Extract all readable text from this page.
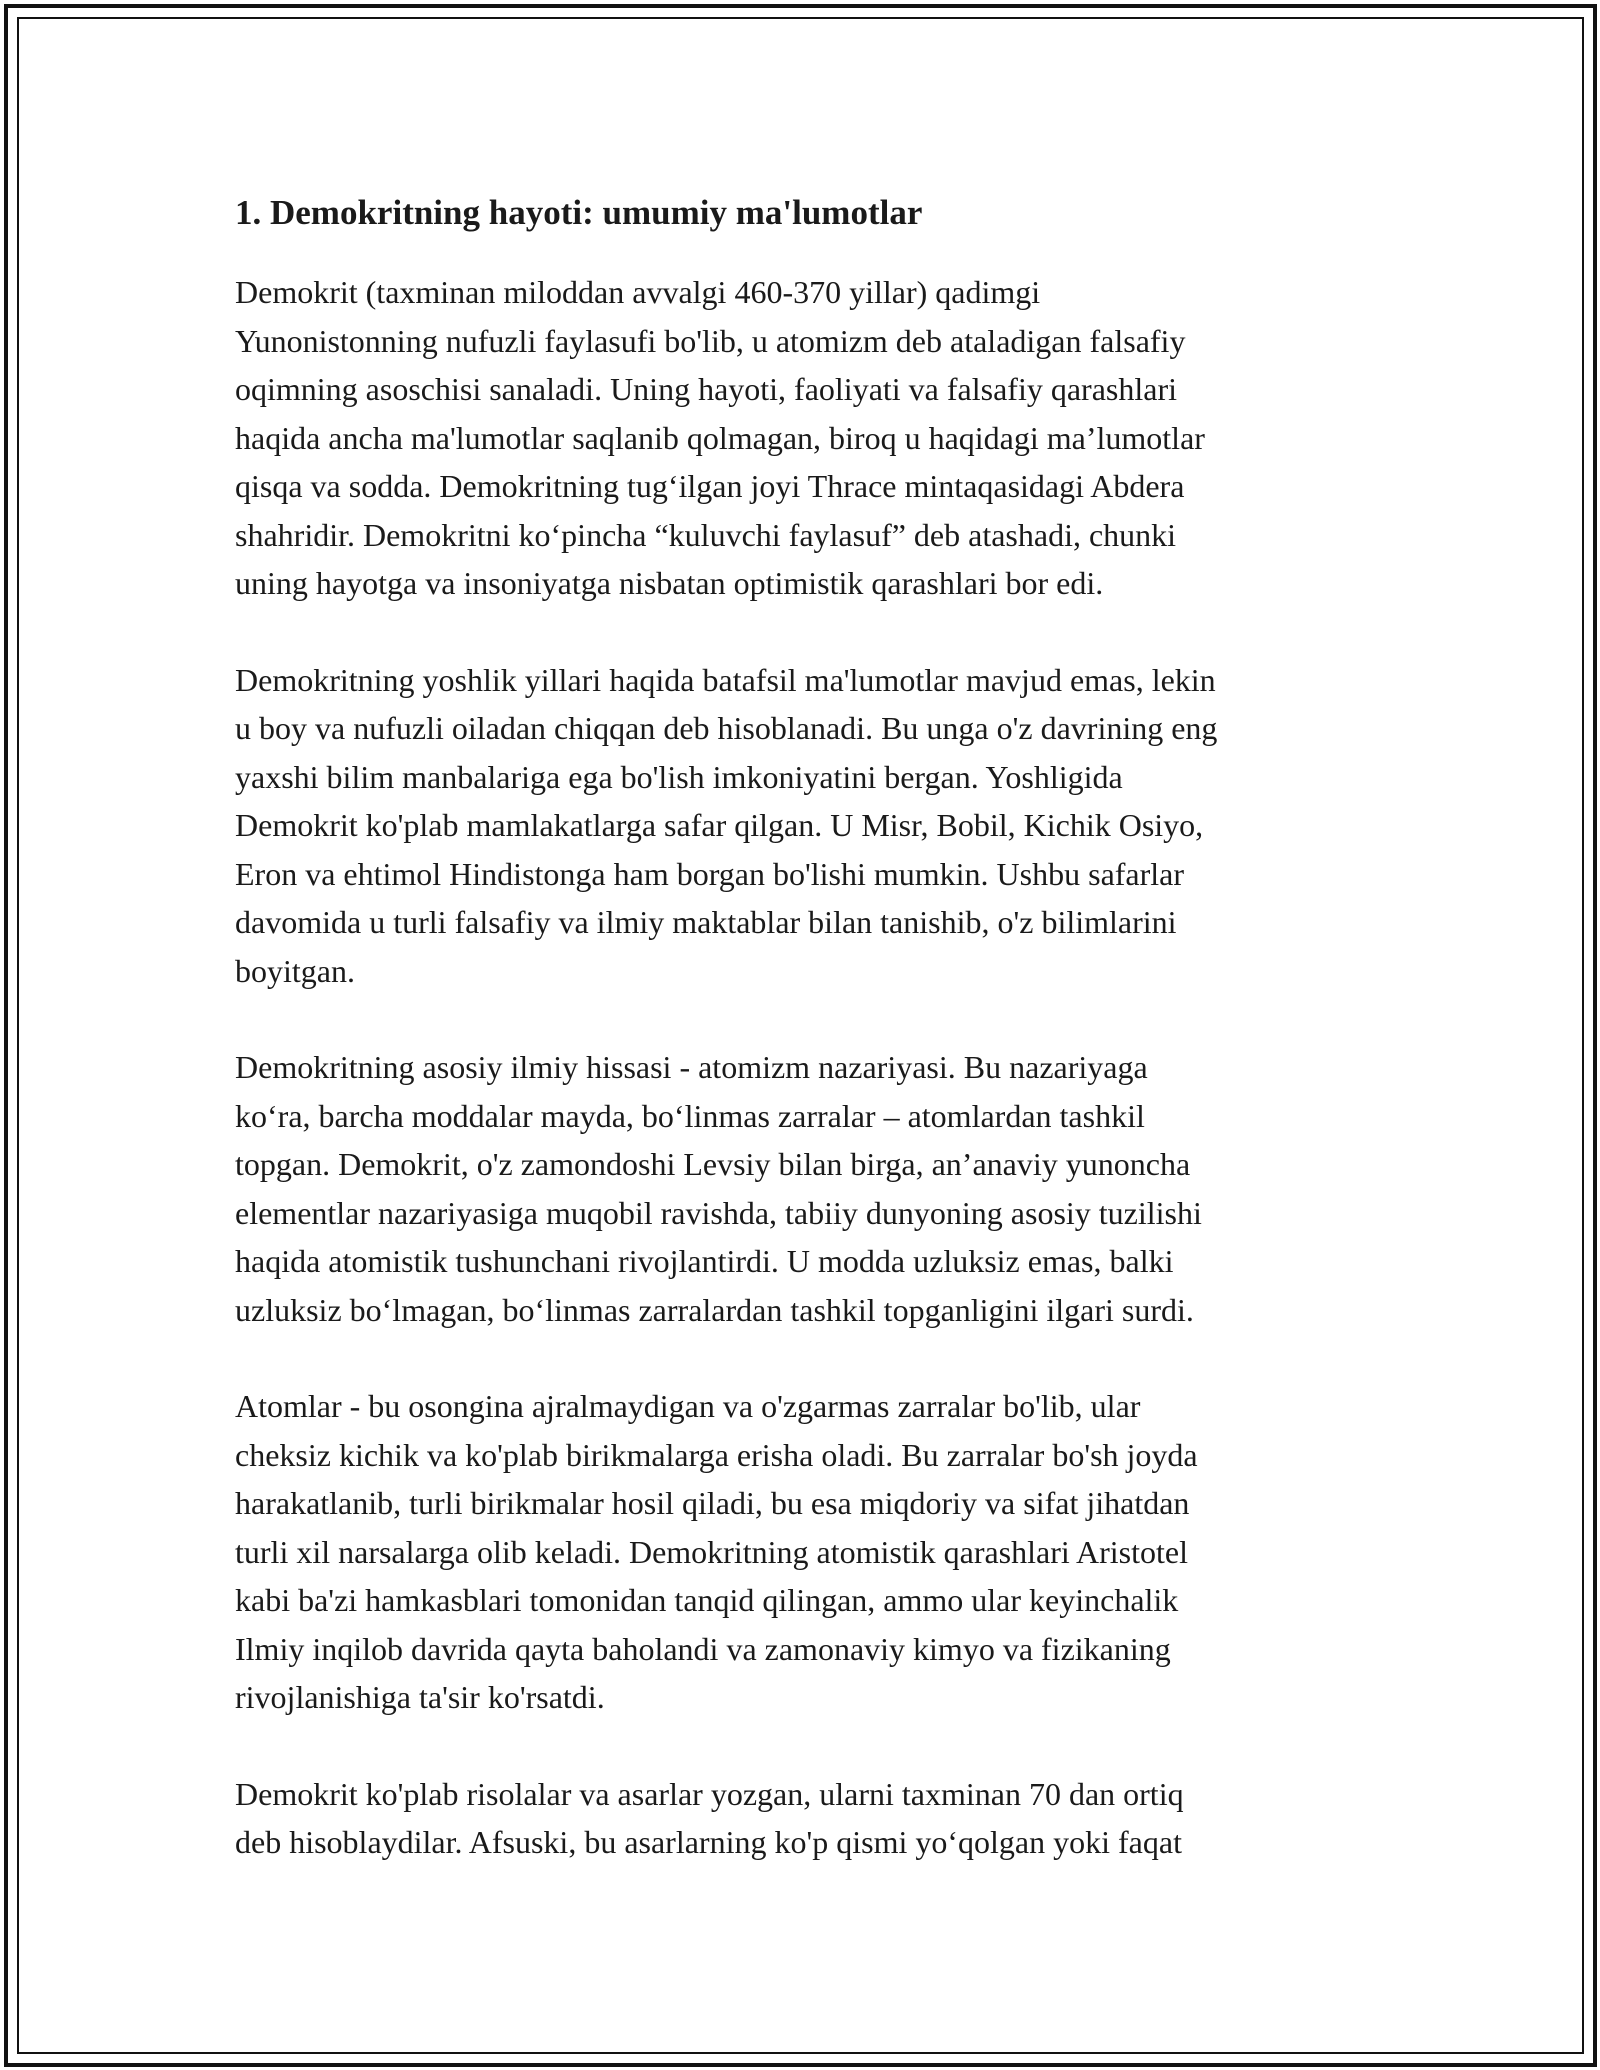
1. Demokritning hayoti: umumiy ma'lumotlar

Demokrit (taxminan miloddan avvalgi 460-370 yillar) qadimgi
Yunonistonning nufuzli faylasufi bo'lib, u atomizm deb ataladigan falsafiy
oqimning asoschisi sanaladi. Uning hayoti, faoliyati va falsafiy qarashlari
haqida ancha ma'lumotlar saqlanib qolmagan, biroq u haqidagi ma’lumotlar
qisqa va sodda. Demokritning tug‘ilgan joyi Thrace mintaqasidagi Abdera
shahridir. Demokritni ko‘pincha “kuluvchi faylasuf” deb atashadi, chunki
uning hayotga va insoniyatga nisbatan optimistik qarashlari bor edi.

Demokritning yoshlik yillari haqida batafsil ma'lumotlar mavjud emas, lekin
u boy va nufuzli oiladan chiqqan deb hisoblanadi. Bu unga o'z davrining eng
yaxshi bilim manbalariga ega bo'lish imkoniyatini bergan. Yoshligida
Demokrit ko'plab mamlakatlarga safar qilgan. U Misr, Bobil, Kichik Osiyo,
Eron va ehtimol Hindistonga ham borgan bo'lishi mumkin. Ushbu safarlar
davomida u turli falsafiy va ilmiy maktablar bilan tanishib, o'z bilimlarini
boyitgan.

Demokritning asosiy ilmiy hissasi - atomizm nazariyasi. Bu nazariyaga
ko‘ra, barcha moddalar mayda, bo‘linmas zarralar – atomlardan tashkil
topgan. Demokrit, o'z zamondoshi Levsiy bilan birga, an’anaviy yunoncha
elementlar nazariyasiga muqobil ravishda, tabiiy dunyoning asosiy tuzilishi
haqida atomistik tushunchani rivojlantirdi. U modda uzluksiz emas, balki
uzluksiz bo‘lmagan, bo‘linmas zarralardan tashkil topganligini ilgari surdi.

Atomlar - bu osongina ajralmaydigan va o'zgarmas zarralar bo'lib, ular
cheksiz kichik va ko'plab birikmalarga erisha oladi. Bu zarralar bo'sh joyda
harakatlanib, turli birikmalar hosil qiladi, bu esa miqdoriy va sifat jihatdan
turli xil narsalarga olib keladi. Demokritning atomistik qarashlari Aristotel
kabi ba'zi hamkasblari tomonidan tanqid qilingan, ammo ular keyinchalik
Ilmiy inqilob davrida qayta baholandi va zamonaviy kimyo va fizikaning
rivojlanishiga ta'sir ko'rsatdi.

Demokrit ko'plab risolalar va asarlar yozgan, ularni taxminan 70 dan ortiq
deb hisoblaydilar. Afsuski, bu asarlarning ko'p qismi yo‘qolgan yoki faqat
